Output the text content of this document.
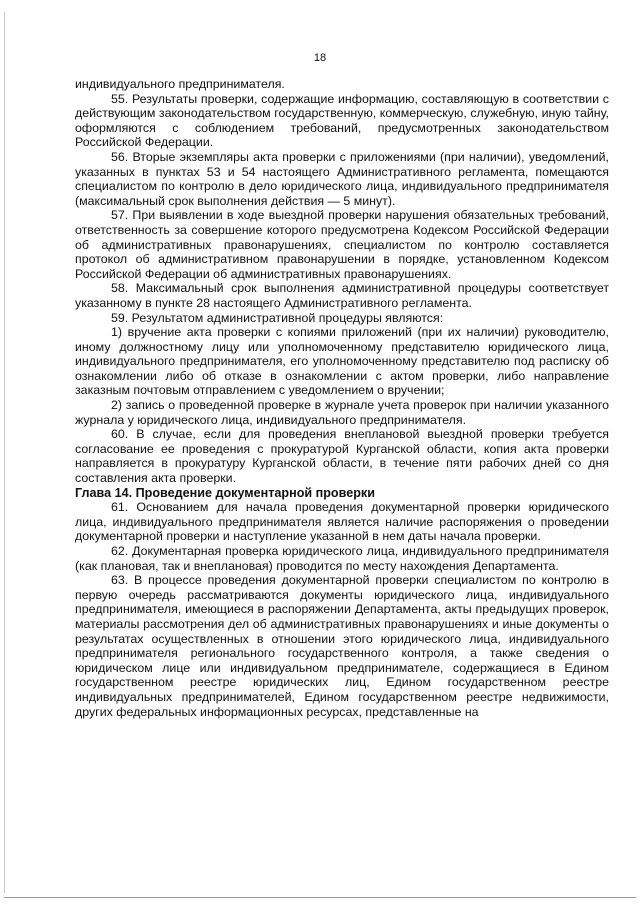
18

индивидуального предпринимателя.

55. Результаты проверки, содержащие информацию, составляющую в соответствии с действующим законодательством государственную, коммерческую, служебную, иную тайну, оформляются с соблюдением требований, предусмотренных законодательством Российской Федерации.

56. Вторые экземпляры акта проверки с приложениями (при наличии), уведомлений, указанных в пунктах 53 и 54 настоящего Административного регламента, помещаются специалистом по контролю в дело юридического лица, индивидуального предпринимателя (максимальный срок выполнения действия — 5 минут).

57. При выявлении в ходе выездной проверки нарушения обязательных требований, ответственность за совершение которого предусмотрена Кодексом Российской Федерации об административных правонарушениях, специалистом по контролю составляется протокол об административном правонарушении в порядке, установленном Кодексом Российской Федерации об административных правонарушениях.

58. Максимальный срок выполнения административной процедуры соответствует указанному в пункте 28 настоящего Административного регламента.

59. Результатом административной процедуры являются:

1) вручение акта проверки с копиями приложений (при их наличии) руководителю, иному должностному лицу или уполномоченному представителю юридического лица, индивидуального предпринимателя, его уполномоченному представителю под расписку об ознакомлении либо об отказе в ознакомлении с актом проверки, либо направление заказным почтовым отправлением с уведомлением о вручении;

2) запись о проведенной проверке в журнале учета проверок при наличии указанного журнала у юридического лица, индивидуального предпринимателя.

60. В случае, если для проведения внеплановой выездной проверки требуется согласование ее проведения с прокуратурой Курганской области, копия акта проверки направляется в прокуратуру Курганской области, в течение пяти рабочих дней со дня составления акта проверки.

Глава 14. Проведение документарной проверки

61. Основанием для начала проведения документарной проверки юридического лица, индивидуального предпринимателя является наличие распоряжения о проведении документарной проверки и наступление указанной в нем даты начала проверки.

62. Документарная проверка юридического лица, индивидуального предпринимателя (как плановая, так и внеплановая) проводится по месту нахождения Департамента.

63. В процессе проведения документарной проверки специалистом по контролю в первую очередь рассматриваются документы юридического лица, индивидуального предпринимателя, имеющиеся в распоряжении Департамента, акты предыдущих проверок, материалы рассмотрения дел об административных правонарушениях и иные документы о результатах осуществленных в отношении этого юридического лица, индивидуального предпринимателя регионального государственного контроля, а также сведения о юридическом лице или индивидуальном предпринимателе, содержащиеся в Едином государственном реестре юридических лиц, Едином государственном реестре индивидуальных предпринимателей, Едином государственном реестре недвижимости, других федеральных информационных ресурсах, представленные на
